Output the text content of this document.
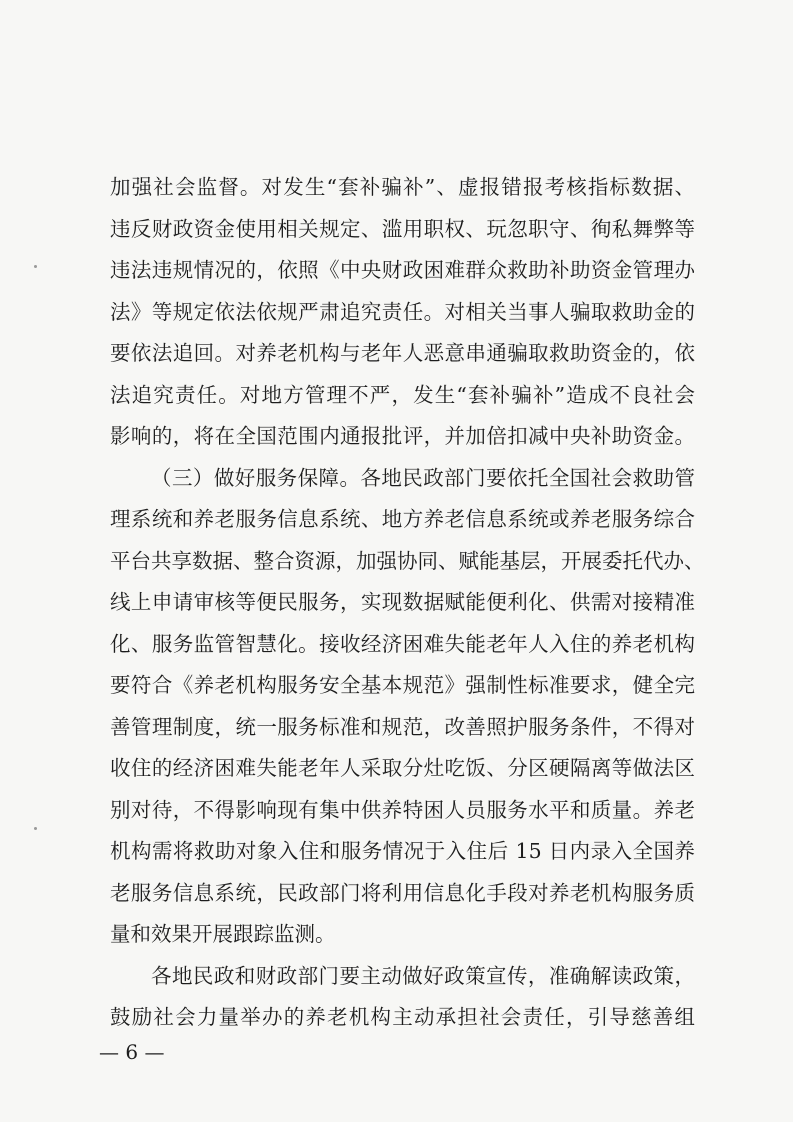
加强社会监督。对发生“套补骗补”、虚报错报考核指标数据、
违反财政资金使用相关规定、滥用职权、玩忽职守、徇私舞弊等
违法违规情况的，依照《中央财政困难群众救助补助资金管理办
法》等规定依法依规严肃追究责任。对相关当事人骗取救助金的
要依法追回。对养老机构与老年人恶意串通骗取救助资金的，依
法追究责任。对地方管理不严，发生“套补骗补”造成不良社会
影响的，将在全国范围内通报批评，并加倍扣减中央补助资金。
（三）做好服务保障。各地民政部门要依托全国社会救助管
理系统和养老服务信息系统、地方养老信息系统或养老服务综合
平台共享数据、整合资源，加强协同、赋能基层，开展委托代办、
线上申请审核等便民服务，实现数据赋能便利化、供需对接精准
化、服务监管智慧化。接收经济困难失能老年人入住的养老机构
要符合《养老机构服务安全基本规范》强制性标准要求，健全完
善管理制度，统一服务标准和规范，改善照护服务条件，不得对
收住的经济困难失能老年人采取分灶吃饭、分区硬隔离等做法区
别对待，不得影响现有集中供养特困人员服务水平和质量。养老
机构需将救助对象入住和服务情况于入住后 15 日内录入全国养
老服务信息系统，民政部门将利用信息化手段对养老机构服务质
量和效果开展跟踪监测。
各地民政和财政部门要主动做好政策宣传，准确解读政策，
鼓励社会力量举办的养老机构主动承担社会责任，引导慈善组
— 6 —
